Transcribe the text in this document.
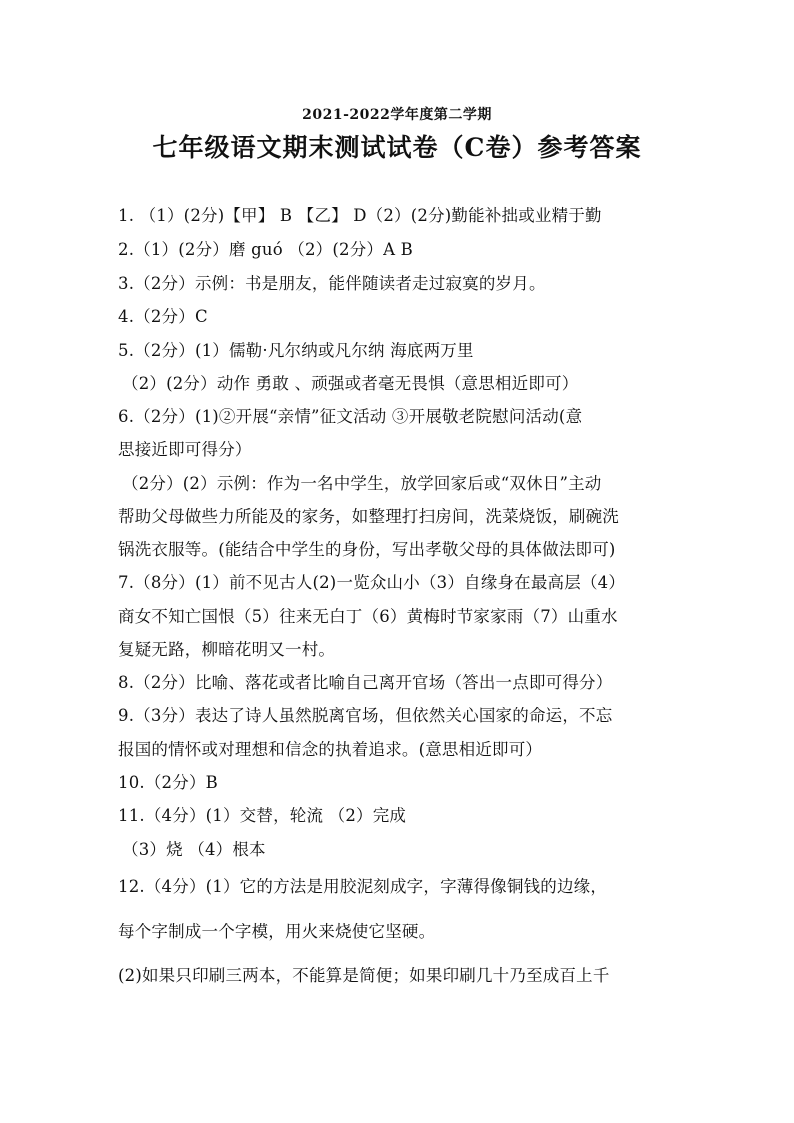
2021-2022学年度第二学期
七年级语文期末测试试卷（C卷）参考答案
1. （1）(2分)【甲】 B 【乙】 D（2）(2分)勤能补拙或业精于勤
2.（1）(2分）磨 guó （2）(2分）A B
3.（2分）示例：书是朋友，能伴随读者走过寂寞的岁月。
4.（2分）C
5.（2分）(1）儒勒·凡尔纳或凡尔纳 海底两万里
（2）(2分）动作 勇敢 、顽强或者毫无畏惧（意思相近即可）
6.（2分）(1)②开展“亲情”征文活动 ③开展敬老院慰问活动(意
思接近即可得分）
（2分）(2）示例：作为一名中学生，放学回家后或“双休日”主动
帮助父母做些力所能及的家务，如整理打扫房间，洗菜烧饭，刷碗洗
锅洗衣服等。(能结合中学生的身份，写出孝敬父母的具体做法即可)
7.（8分）(1）前不见古人(2)一览众山小（3）自缘身在最高层（4）
商女不知亡国恨（5）往来无白丁（6）黄梅时节家家雨（7）山重水
复疑无路，柳暗花明又一村。
8.（2分）比喻、落花或者比喻自己离开官场（答出一点即可得分）
9.（3分）表达了诗人虽然脱离官场，但依然关心国家的命运，不忘
报国的情怀或对理想和信念的执着追求。(意思相近即可）
10.（2分）B
11.（4分）(1）交替，轮流 （2）完成
（3）烧 （4）根本
12.（4分）(1）它的方法是用胶泥刻成字，字薄得像铜钱的边缘，
每个字制成一个字模，用火来烧使它坚硬。
(2)如果只印刷三两本，不能算是简便；如果印刷几十乃至成百上千
